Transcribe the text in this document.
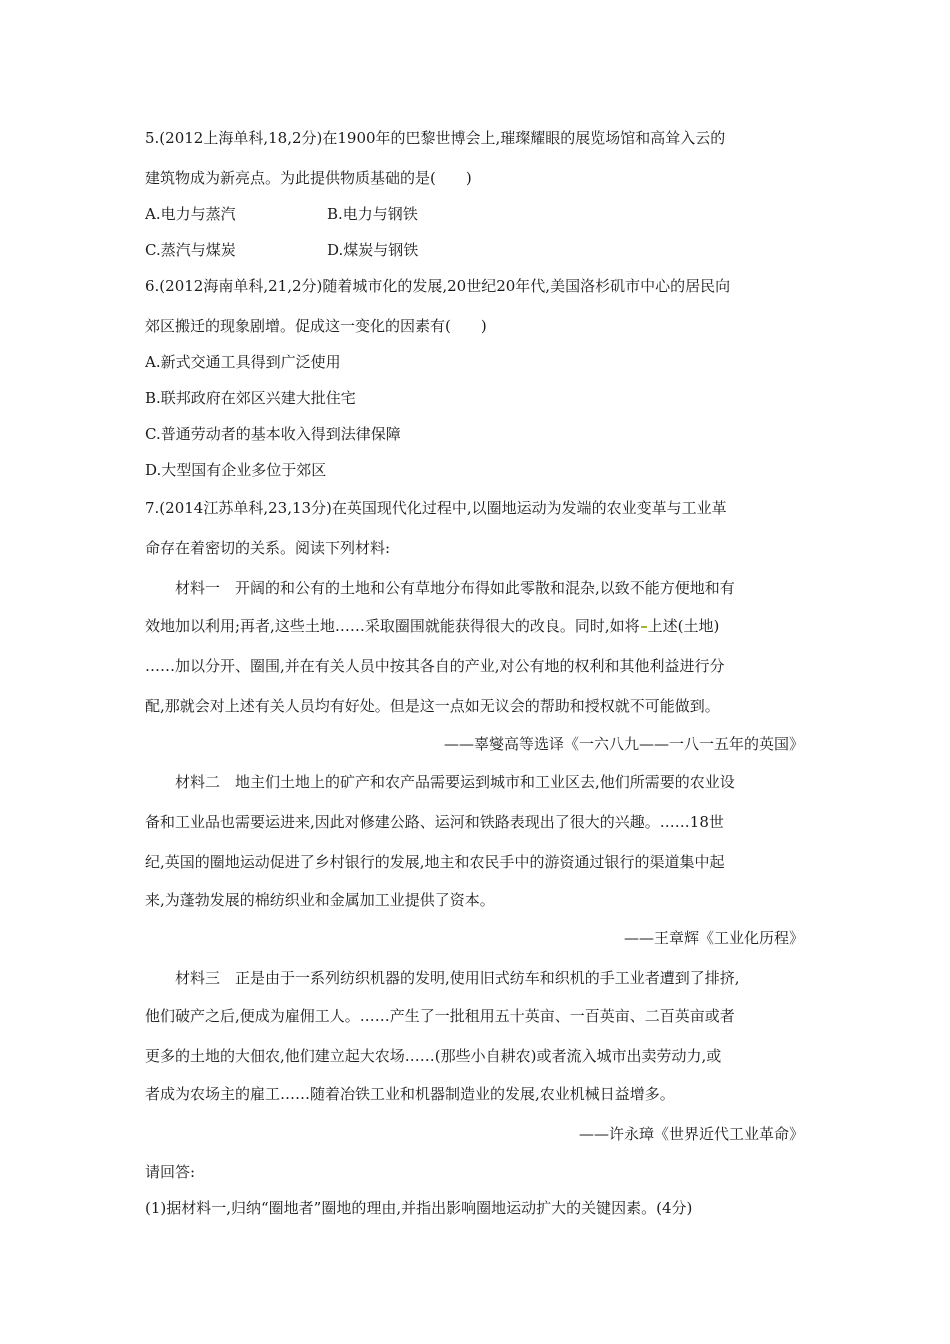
5.(2012上海单科,18,2分)在1900年的巴黎世博会上,璀璨耀眼的展览场馆和高耸入云的
建筑物成为新亮点。为此提供物质基础的是(　　)
A.电力与蒸汽	B.电力与钢铁
C.蒸汽与煤炭	D.煤炭与钢铁
6.(2012海南单科,21,2分)随着城市化的发展,20世纪20年代,美国洛杉矶市中心的居民向
郊区搬迁的现象剧增。促成这一变化的因素有(　　)
A.新式交通工具得到广泛使用
B.联邦政府在郊区兴建大批住宅
C.普通劳动者的基本收入得到法律保障
D.大型国有企业多位于郊区
7.(2014江苏单科,23,13分)在英国现代化过程中,以圈地运动为发端的农业变革与工业革
命存在着密切的关系。阅读下列材料:
材料一　开阔的和公有的土地和公有草地分布得如此零散和混杂,以致不能方便地和有
效地加以利用;再者,这些土地……采取圈围就能获得很大的改良。同时,如将 上述(土地)
……加以分开、圈围,并在有关人员中按其各自的产业,对公有地的权利和其他利益进行分
配,那就会对上述有关人员均有好处。但是这一点如无议会的帮助和授权就不可能做到。
——辜燮高等选译《一六八九——一八一五年的英国》
材料二　地主们土地上的矿产和农产品需要运到城市和工业区去,他们所需要的农业设
备和工业品也需要运进来,因此对修建公路、运河和铁路表现出了很大的兴趣。……18世
纪,英国的圈地运动促进了乡村银行的发展,地主和农民手中的游资通过银行的渠道集中起
来,为蓬勃发展的棉纺织业和金属加工业提供了资本。
——王章辉《工业化历程》
材料三　正是由于一系列纺织机器的发明,使用旧式纺车和织机的手工业者遭到了排挤,
他们破产之后,便成为雇佣工人。……产生了一批租用五十英亩、一百英亩、二百英亩或者
更多的土地的大佃农,他们建立起大农场……(那些小自耕农)或者流入城市出卖劳动力,或
者成为农场主的雇工……随着冶铁工业和机器制造业的发展,农业机械日益增多。
——许永璋《世界近代工业革命》
请回答:
(1)据材料一,归纳“圈地者”圈地的理由,并指出影响圈地运动扩大的关键因素。(4分)
